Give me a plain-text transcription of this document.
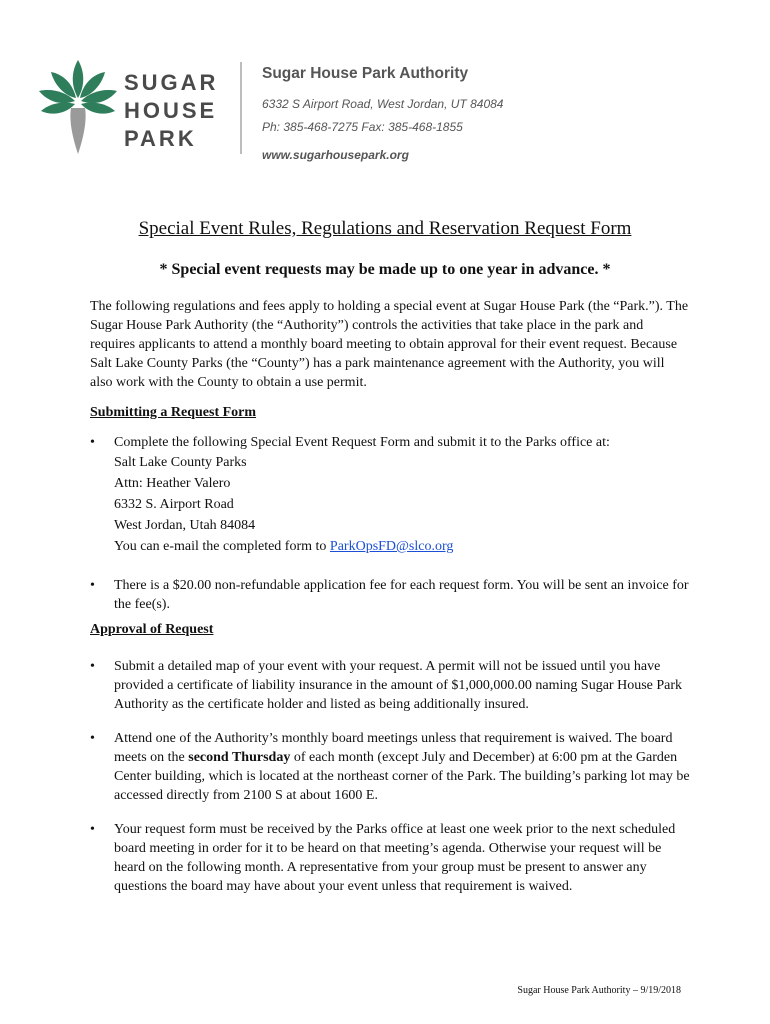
SUGAR
HOUSE
PARK
Sugar House Park Authority
6332 S Airport Road, West Jordan, UT 84084
Ph: 385-468-7275 Fax: 385-468-1855
www.sugarhousepark.org
Special Event Rules, Regulations and Reservation Request Form
* Special event requests may be made up to one year in advance. *
The following regulations and fees apply to holding a special event at Sugar House Park (the “Park.”). The Sugar House Park Authority (the “Authority”) controls the activities that take place in the park and requires applicants to attend a monthly board meeting to obtain approval for their event request. Because Salt Lake County Parks (the “County”) has a park maintenance agreement with the Authority, you will also work with the County to obtain a use permit.
Submitting a Request Form
• Complete the following Special Event Request Form and submit it to the Parks office at:
Salt Lake County Parks
Attn: Heather Valero
6332 S. Airport Road
West Jordan, Utah 84084
You can e-mail the completed form to ParkOpsFD@slco.org
• There is a $20.00 non-refundable application fee for each request form. You will be sent an invoice for the fee(s).
Approval of Request
• Submit a detailed map of your event with your request. A permit will not be issued until you have provided a certificate of liability insurance in the amount of $1,000,000.00 naming Sugar House Park Authority as the certificate holder and listed as being additionally insured.
• Attend one of the Authority’s monthly board meetings unless that requirement is waived. The board meets on the second Thursday of each month (except July and December) at 6:00 pm at the Garden Center building, which is located at the northeast corner of the Park. The building’s parking lot may be accessed directly from 2100 S at about 1600 E.
• Your request form must be received by the Parks office at least one week prior to the next scheduled board meeting in order for it to be heard on that meeting’s agenda. Otherwise your request will be heard on the following month. A representative from your group must be present to answer any questions the board may have about your event unless that requirement is waived.
Sugar House Park Authority – 9/19/2018
